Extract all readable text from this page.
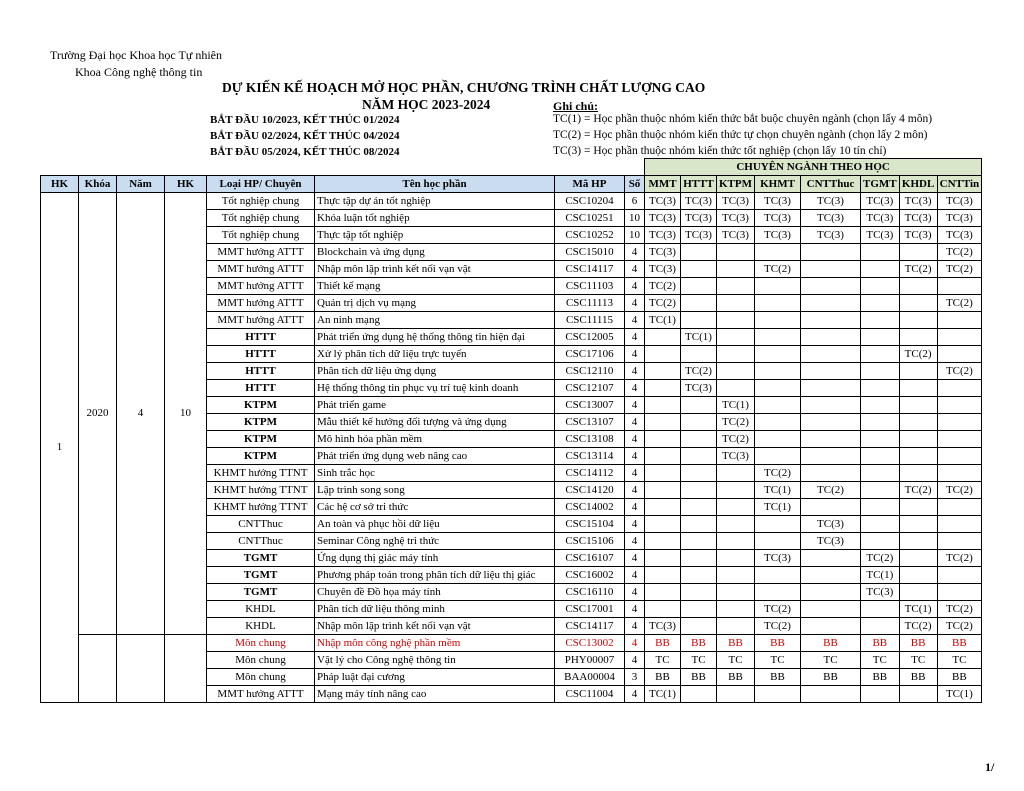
Trường Đại học Khoa học Tự nhiên
Khoa Công nghệ thông tin
DỰ KIẾN KẾ HOẠCH MỞ HỌC PHẦN, CHƯƠNG TRÌNH CHẤT LƯỢNG CAO
NĂM HỌC 2023-2024	Ghi chú:
BẮT ĐẦU 10/2023, KẾT THÚC 01/2024
BẮT ĐẦU 02/2024, KẾT THÚC 04/2024
BẮT ĐẦU 05/2024, KẾT THÚC 08/2024
TC(1) = Học phần thuộc nhóm kiến thức bắt buộc chuyên ngành (chọn lấy 4 môn)
TC(2) = Học phần thuộc nhóm kiến thức tự chọn chuyên ngành (chọn lấy 2 môn)
TC(3) = Học phần thuộc nhóm kiến thức tốt nghiệp (chọn lấy 10 tín chỉ)
								CHUYÊN NGÀNH THEO HỌC							
HK	Khóa	Năm	HK	Loại HP/ Chuyên	Tên học phần	Mã HP	Số	MMT	HTTT	KTPM	KHMT	CNTThuc	TGMT	KHDL	CNTTin
1	2020	4	10	Tốt nghiệp chung	Thực tập dự án tốt nghiệp	CSC10204	6	TC(3)	TC(3)	TC(3)	TC(3)	TC(3)	TC(3)	TC(3)	TC(3)
				Tốt nghiệp chung	Khóa luận tốt nghiệp	CSC10251	10	TC(3)	TC(3)	TC(3)	TC(3)	TC(3)	TC(3)	TC(3)	TC(3)
				Tốt nghiệp chung	Thực tập tốt nghiệp	CSC10252	10	TC(3)	TC(3)	TC(3)	TC(3)	TC(3)	TC(3)	TC(3)	TC(3)
				MMT hướng ATTT	Blockchain và ứng dụng	CSC15010	4	TC(3)							TC(2)
				MMT hướng ATTT	Nhập môn lập trình kết nối vạn vật	CSC14117	4	TC(3)			TC(2)			TC(2)	TC(2)
				MMT hướng ATTT	Thiết kế mạng	CSC11103	4	TC(2)							
				MMT hướng ATTT	Quản trị dịch vụ mạng	CSC11113	4	TC(2)							TC(2)
				MMT hướng ATTT	An ninh mạng	CSC11115	4	TC(1)							
				HTTT	Phát triển ứng dụng hệ thống thông tin hiện đại	CSC12005	4		TC(1)						
				HTTT	Xử lý phân tích dữ liệu trực tuyến	CSC17106	4							TC(2)	
				HTTT	Phân tích dữ liệu ứng dụng	CSC12110	4		TC(2)						TC(2)
				HTTT	Hệ thống thông tin phục vụ trí tuệ kinh doanh	CSC12107	4		TC(3)						
				KTPM	Phát triển game	CSC13007	4			TC(1)					
				KTPM	Mẫu thiết kế hướng đối tượng và ứng dụng	CSC13107	4			TC(2)					
				KTPM	Mô hình hóa phần mềm	CSC13108	4			TC(2)					
				KTPM	Phát triển ứng dụng web nâng cao	CSC13114	4			TC(3)					
				KHMT hướng TTNT	Sinh trắc học	CSC14112	4				TC(2)				
				KHMT hướng TTNT	Lập trình song song	CSC14120	4				TC(1)	TC(2)		TC(2)	TC(2)
				KHMT hướng TTNT	Các hệ cơ sở tri thức	CSC14002	4				TC(1)				
				CNTThuc	An toàn và phục hồi dữ liệu	CSC15104	4					TC(3)			
				CNTThuc	Seminar Công nghệ tri thức	CSC15106	4					TC(3)			
				TGMT	Ứng dụng thị giác máy tính	CSC16107	4				TC(3)		TC(2)		TC(2)
				TGMT	Phương pháp toán trong phân tích dữ liệu thị giác	CSC16002	4						TC(1)		
				TGMT	Chuyên đề Đồ họa máy tính	CSC16110	4						TC(3)		
				KHDL	Phân tích dữ liệu thông minh	CSC17001	4				TC(2)			TC(1)	TC(2)
				KHDL	Nhập môn lập trình kết nối vạn vật	CSC14117	4	TC(3)			TC(2)			TC(2)	TC(2)
				Môn chung	Nhập môn công nghệ phần mềm	CSC13002	4	BB	BB	BB	BB	BB	BB	BB	BB
				Môn chung	Vật lý cho Công nghệ thông tin	PHY00007	4	TC	TC	TC	TC	TC	TC	TC	TC
				Môn chung	Pháp luật đại cương	BAA00004	3	BB	BB	BB	BB	BB	BB	BB	BB
				MMT hướng ATTT	Mạng máy tính nâng cao	CSC11004	4	TC(1)							TC(1)
1/
